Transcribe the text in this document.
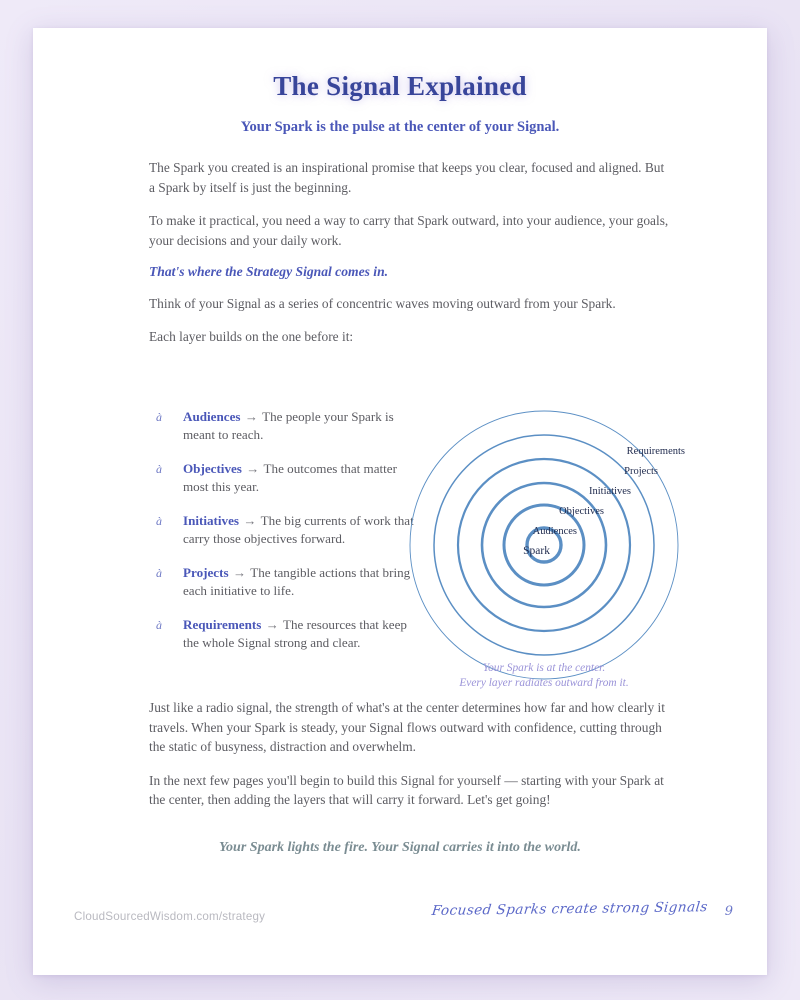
The Signal Explained
Your Spark is the pulse at the center of your Signal.

The Spark you created is an inspirational promise that keeps you clear, focused and aligned. But a Spark by itself is just the beginning.

To make it practical, you need a way to carry that Spark outward, into your audience, your goals, your decisions and your daily work.

That's where the Strategy Signal comes in.

Think of your Signal as a series of concentric waves moving outward from your Spark.

Each layer builds on the one before it:

à Audiences → The people your Spark is meant to reach.
à Objectives → The outcomes that matter most this year.
à Initiatives → The big currents of work that carry those objectives forward.
à Projects → The tangible actions that bring each initiative to life.
à Requirements → The resources that keep the whole Signal strong and clear.
Spark
Audiences
Objectives
Initiatives
Projects
Requirements
Your Spark is at the center.
Every layer radiates outward from it.

Just like a radio signal, the strength of what's at the center determines how far and how clearly it travels. When your Spark is steady, your Signal flows outward with confidence, cutting through the static of busyness, distraction and overwhelm.

In the next few pages you'll begin to build this Signal for yourself — starting with your Spark at the center, then adding the layers that will carry it forward. Let's get going!

Your Spark lights the fire. Your Signal carries it into the world.
CloudSourcedWisdom.com/strategy	Focused Sparks create strong Signals 9
